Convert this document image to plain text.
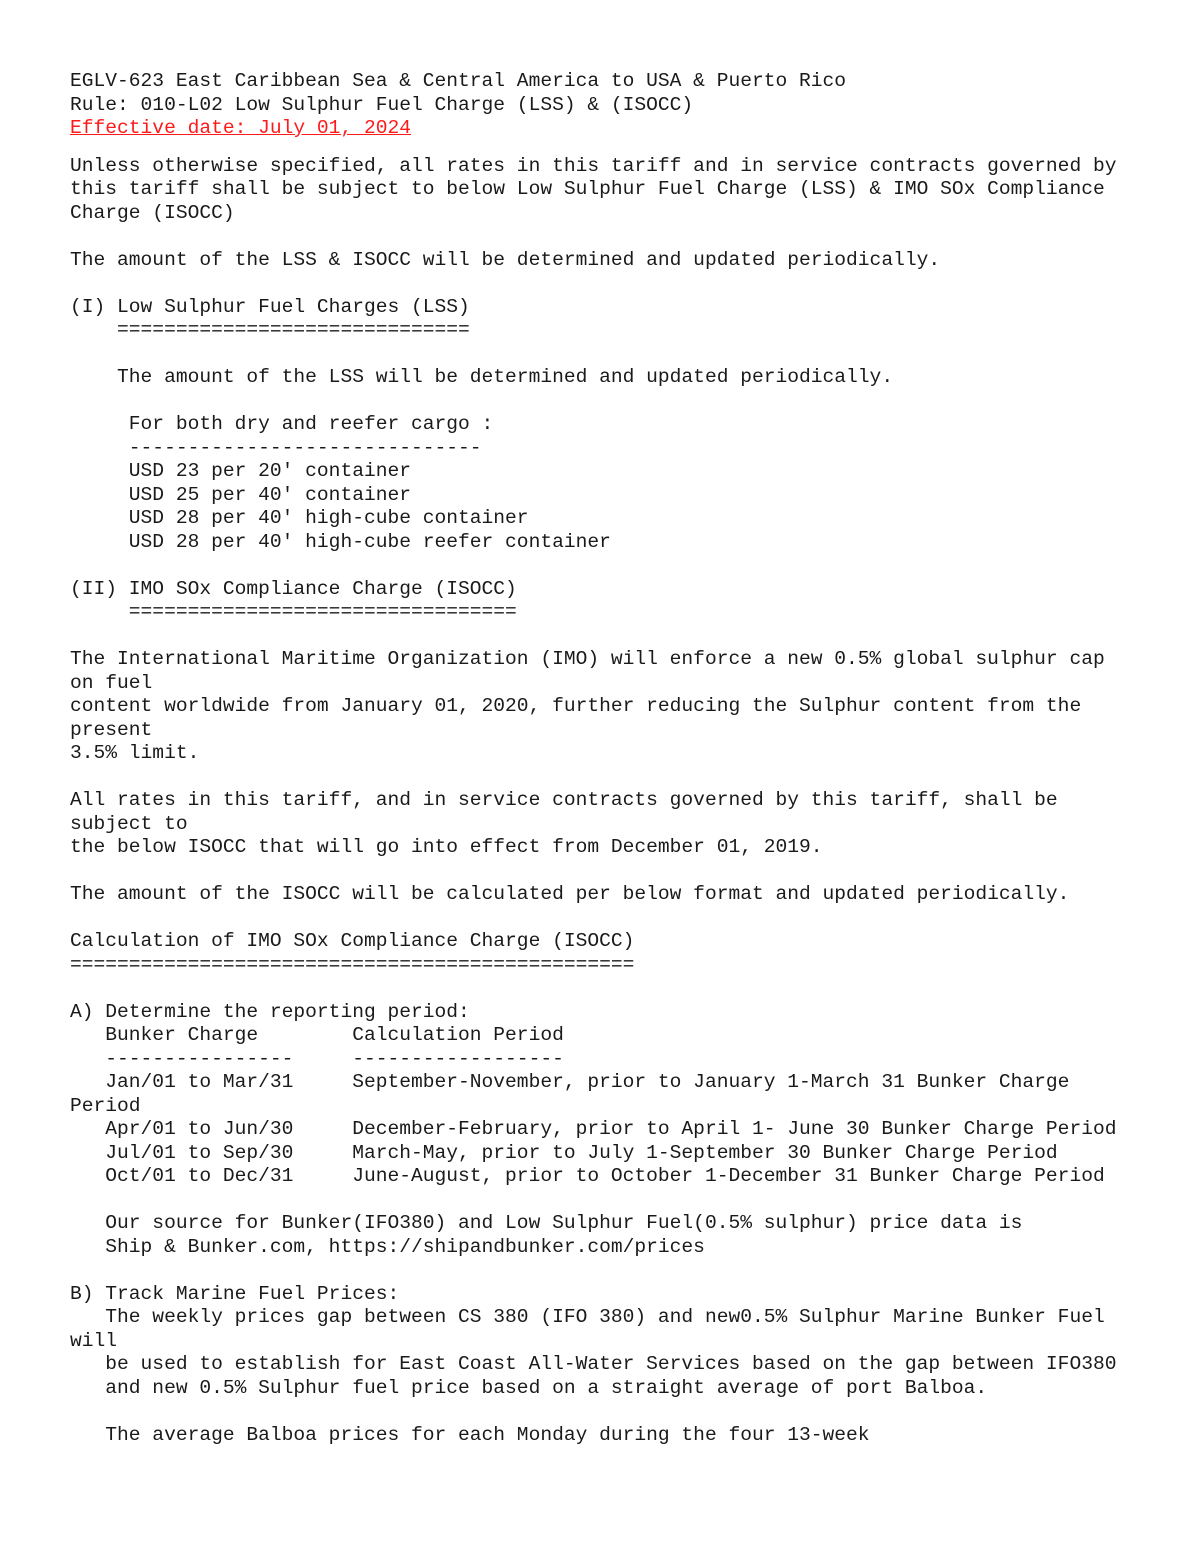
EGLV-623 East Caribbean Sea & Central America to USA & Puerto Rico
Rule: 010-L02 Low Sulphur Fuel Charge (LSS) & (ISOCC)
Effective date: July 01, 2024
Unless otherwise specified, all rates in this tariff and in service contracts governed by
this tariff shall be subject to below Low Sulphur Fuel Charge (LSS) & IMO SOx Compliance
Charge (ISOCC)
The amount of the LSS & ISOCC will be determined and updated periodically.
(I) Low Sulphur Fuel Charges (LSS)
==============================
The amount of the LSS will be determined and updated periodically.
For both dry and reefer cargo :
------------------------------
USD 23 per 20' container
USD 25 per 40' container
USD 28 per 40' high-cube container
USD 28 per 40' high-cube reefer container
(II) IMO SOx Compliance Charge (ISOCC)
=================================
The International Maritime Organization (IMO) will enforce a new 0.5% global sulphur cap
on fuel
content worldwide from January 01, 2020, further reducing the Sulphur content from the
present
3.5% limit.
All rates in this tariff, and in service contracts governed by this tariff, shall be
subject to
the below ISOCC that will go into effect from December 01, 2019.
The amount of the ISOCC will be calculated per below format and updated periodically.
Calculation of IMO SOx Compliance Charge (ISOCC)
================================================
A) Determine the reporting period:
Bunker Charge        Calculation Period
----------------     ------------------
Jan/01 to Mar/31     September-November, prior to January 1-March 31 Bunker Charge
Period
Apr/01 to Jun/30     December-February, prior to April 1- June 30 Bunker Charge Period
Jul/01 to Sep/30     March-May, prior to July 1-September 30 Bunker Charge Period
Oct/01 to Dec/31     June-August, prior to October 1-December 31 Bunker Charge Period
Our source for Bunker(IFO380) and Low Sulphur Fuel(0.5% sulphur) price data is
Ship & Bunker.com, https://shipandbunker.com/prices
B) Track Marine Fuel Prices:
The weekly prices gap between CS 380 (IFO 380) and new0.5% Sulphur Marine Bunker Fuel
will
be used to establish for East Coast All-Water Services based on the gap between IFO380
and new 0.5% Sulphur fuel price based on a straight average of port Balboa.
The average Balboa prices for each Monday during the four 13-week
